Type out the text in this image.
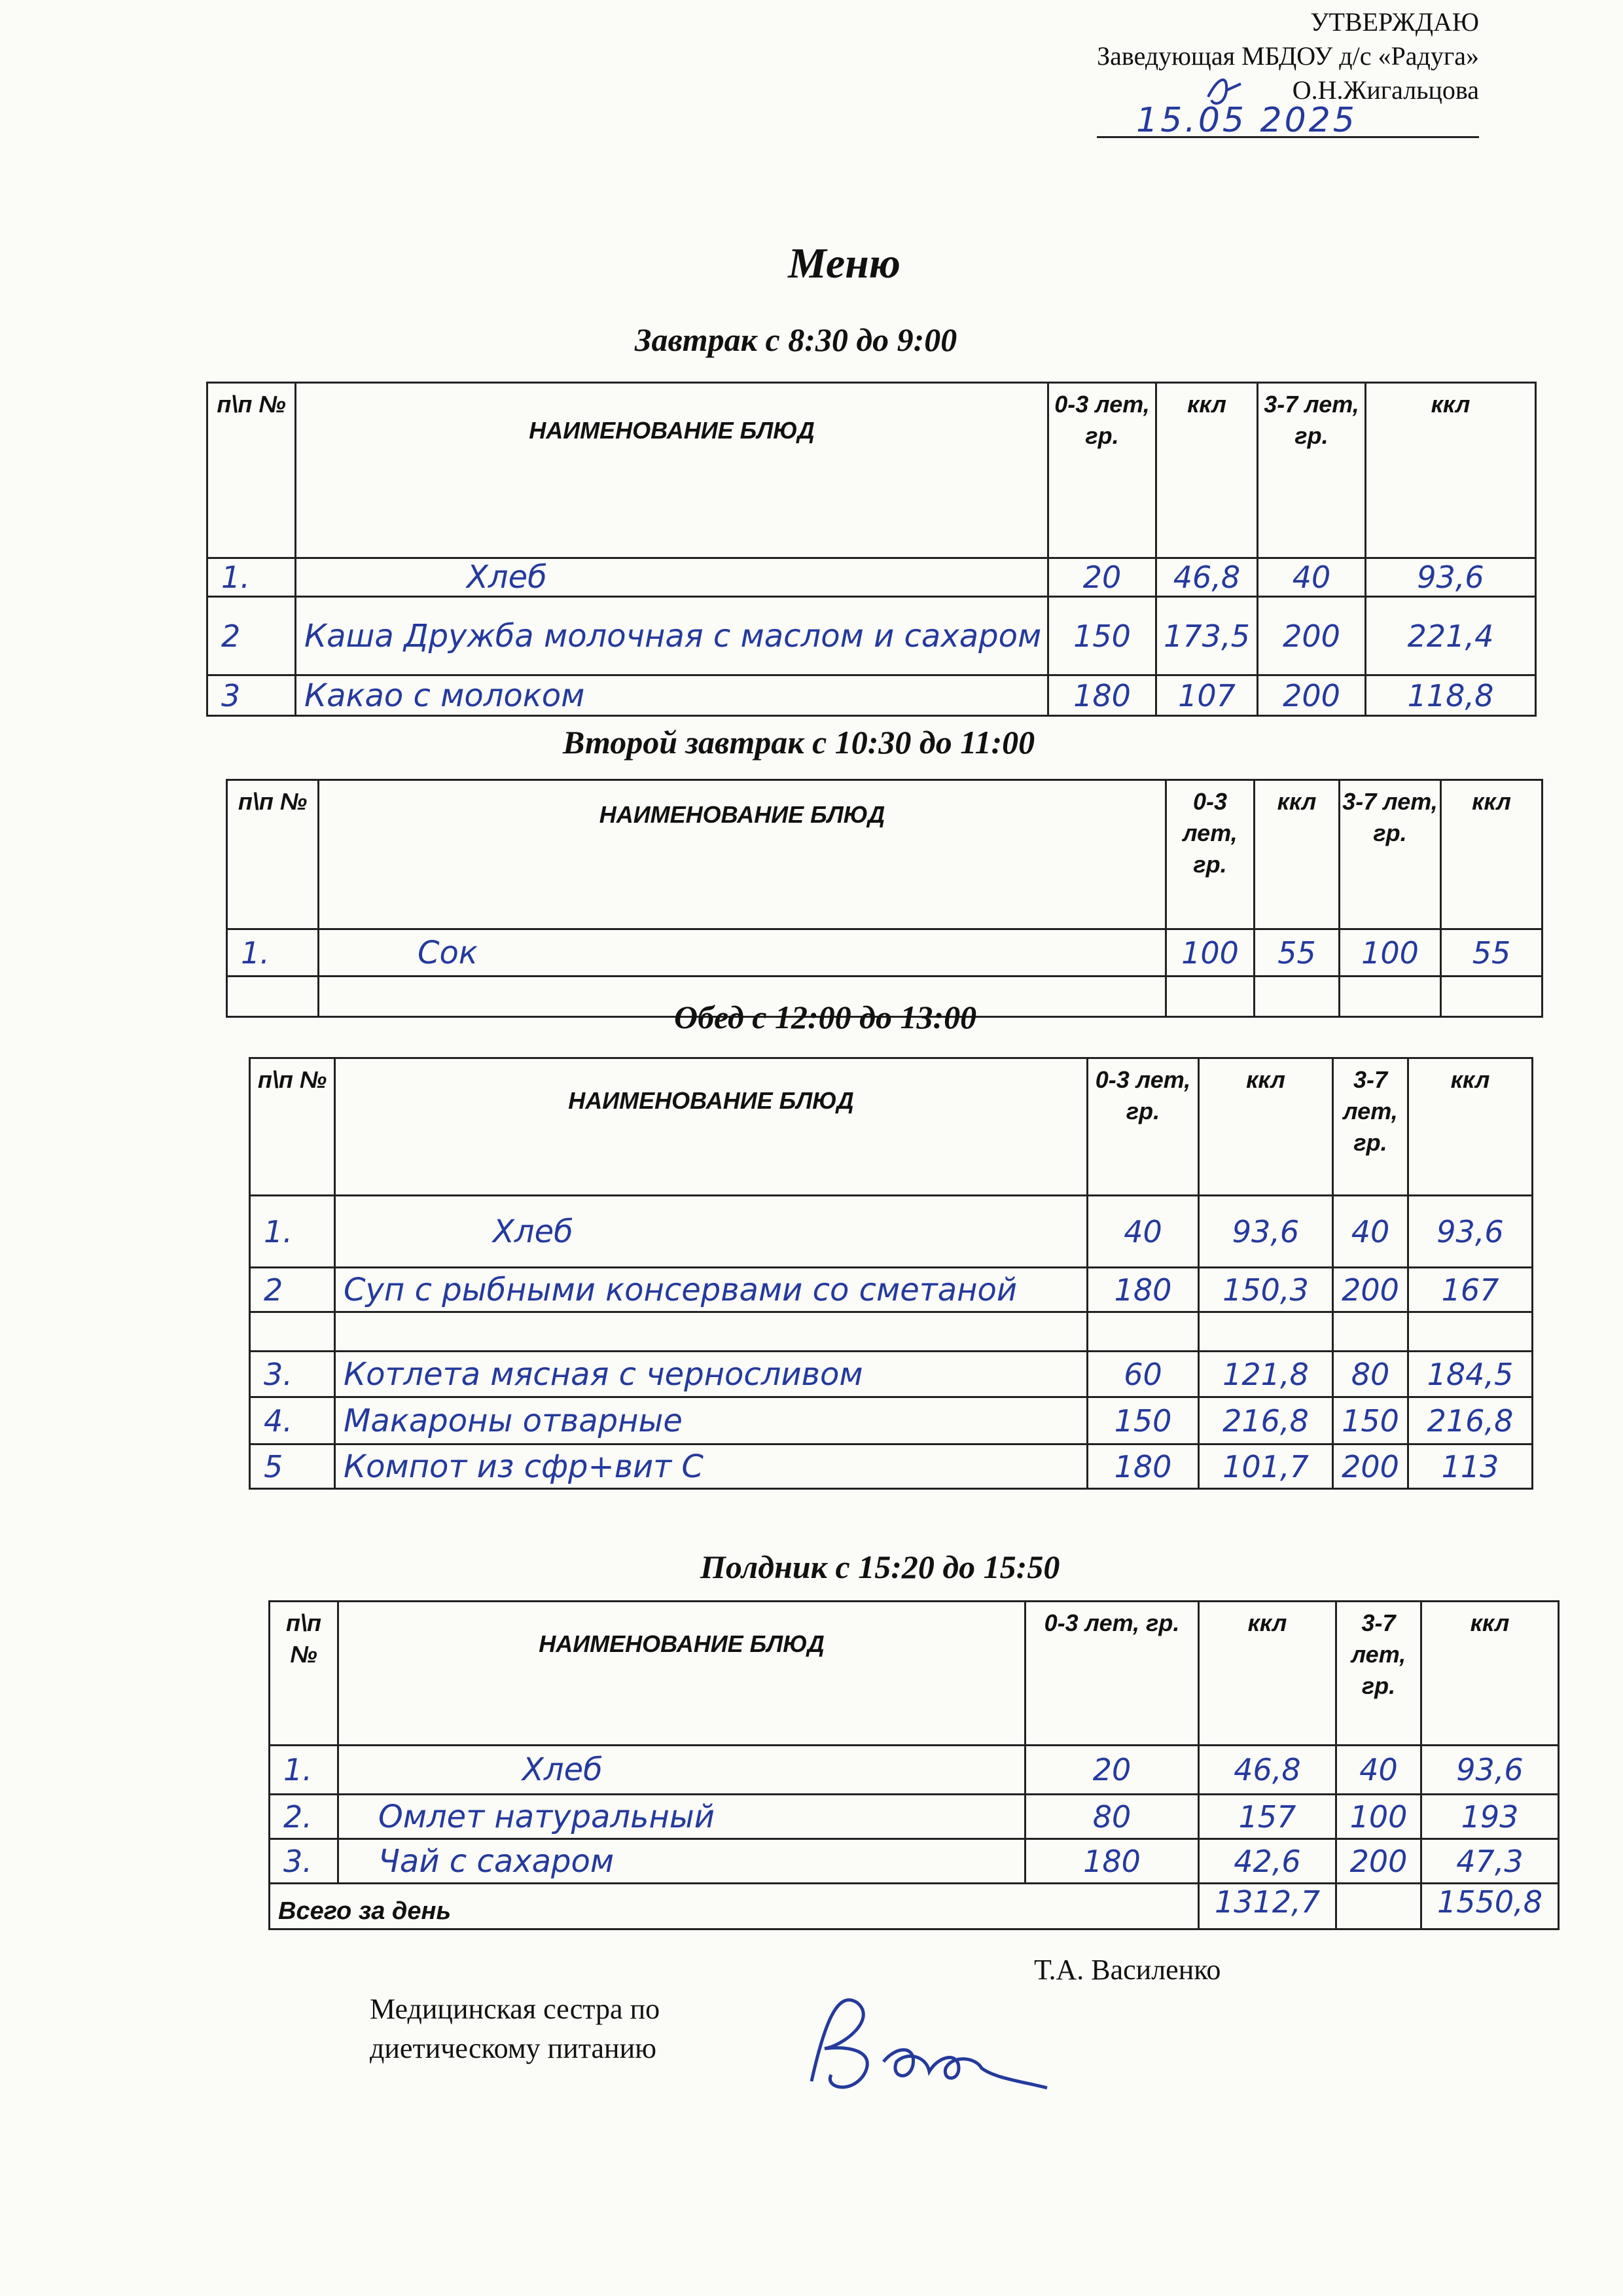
УТВЕРЖДАЮ
Заведующая МБДОУ д/с «Радуга»
О.Н.Жигальцова
15.05 2025
Меню
Завтрак с 8:30 до 9:00
п\п №	НАИМЕНОВАНИЕ БЛЮД	0-3 лет, гр.	ккл	3-7 лет, гр.	ккл
1.	Хлеб	20	46,8	40	93,6
2	Каша Дружба молочная с маслом и сахаром	150	173,5	200	221,4
3	Какао с молоком	180	107	200	118,8
Второй завтрак с 10:30 до 11:00
п\п №	НАИМЕНОВАНИЕ БЛЮД	0-3 лет, гр.	ккл	3-7 лет, гр.	ккл
1.	Сок	100	55	100	55

Обед с 12:00 до 13:00
п\п №	НАИМЕНОВАНИЕ БЛЮД	0-3 лет, гр.	ккл	3-7 лет, гр.	ккл
1.	Хлеб	40	93,6	40	93,6
2	Суп с рыбными консервами со сметаной	180	150,3	200	167

3.	Котлета мясная с черносливом	60	121,8	80	184,5
4.	Макароны отварные	150	216,8	150	216,8
5	Компот из сфр+вит С	180	101,7	200	113
Полдник с 15:20 до 15:50
п\п №	НАИМЕНОВАНИЕ БЛЮД	0-3 лет, гр.	ккл	3-7 лет, гр.	ккл
1.	Хлеб	20	46,8	40	93,6
2.	Омлет натуральный	80	157	100	193
3.	Чай с сахаром	180	42,6	200	47,3
Всего за день			1312,7		1550,8
Медицинская сестра по
диетическому питанию
Т.А. Василенко
